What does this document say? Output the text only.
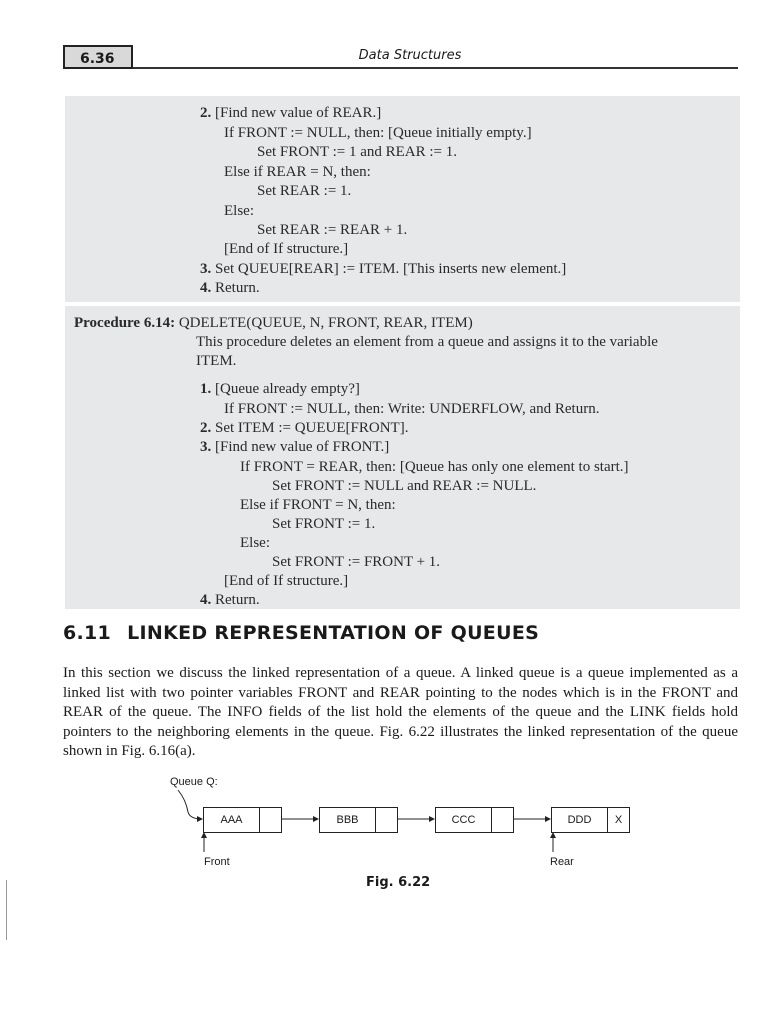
6.36	Data Structures
2. [Find new value of REAR.]
If FRONT := NULL, then: [Queue initially empty.]
Set FRONT := 1 and REAR := 1.
Else if REAR = N, then:
Set REAR := 1.
Else:
Set REAR := REAR + 1.
[End of If structure.]
3. Set QUEUE[REAR] := ITEM. [This inserts new element.]
4. Return.
Procedure 6.14: QDELETE(QUEUE, N, FRONT, REAR, ITEM)
This procedure deletes an element from a queue and assigns it to the variable
ITEM.
1. [Queue already empty?]
If FRONT := NULL, then: Write: UNDERFLOW, and Return.
2. Set ITEM := QUEUE[FRONT].
3. [Find new value of FRONT.]
If FRONT = REAR, then: [Queue has only one element to start.]
Set FRONT := NULL and REAR := NULL.
Else if FRONT = N, then:
Set FRONT := 1.
Else:
Set FRONT := FRONT + 1.
[End of If structure.]
4. Return.
6.11 LINKED REPRESENTATION OF QUEUES
In this section we discuss the linked representation of a queue. A linked queue is a queue implemented as a linked list with two pointer variables FRONT and REAR pointing to the nodes which is in the FRONT and REAR of the queue. The INFO fields of the list hold the elements of the queue and the LINK fields hold pointers to the neighboring elements in the queue. Fig. 6.22 illustrates the linked representation of the queue shown in Fig. 6.16(a).
Queue Q:
AAA	BBB	CCC	DDD	X
Front	Rear
Fig. 6.22
